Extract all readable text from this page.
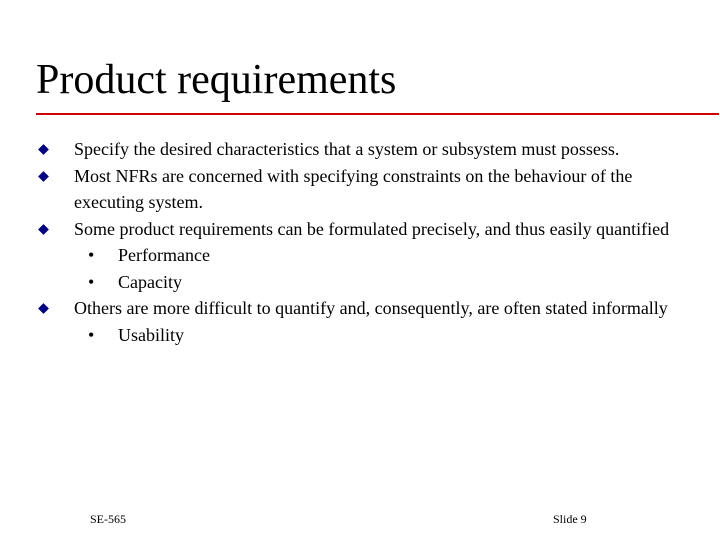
Product requirements
Specify the desired characteristics that a system or subsystem must possess.
Most NFRs are concerned with specifying constraints on the behaviour of the executing system.
Some product requirements can be formulated precisely, and thus easily quantified
• Performance
• Capacity
Others are more difficult to quantify and, consequently, are often stated informally
• Usability
SE-565	Slide 9
